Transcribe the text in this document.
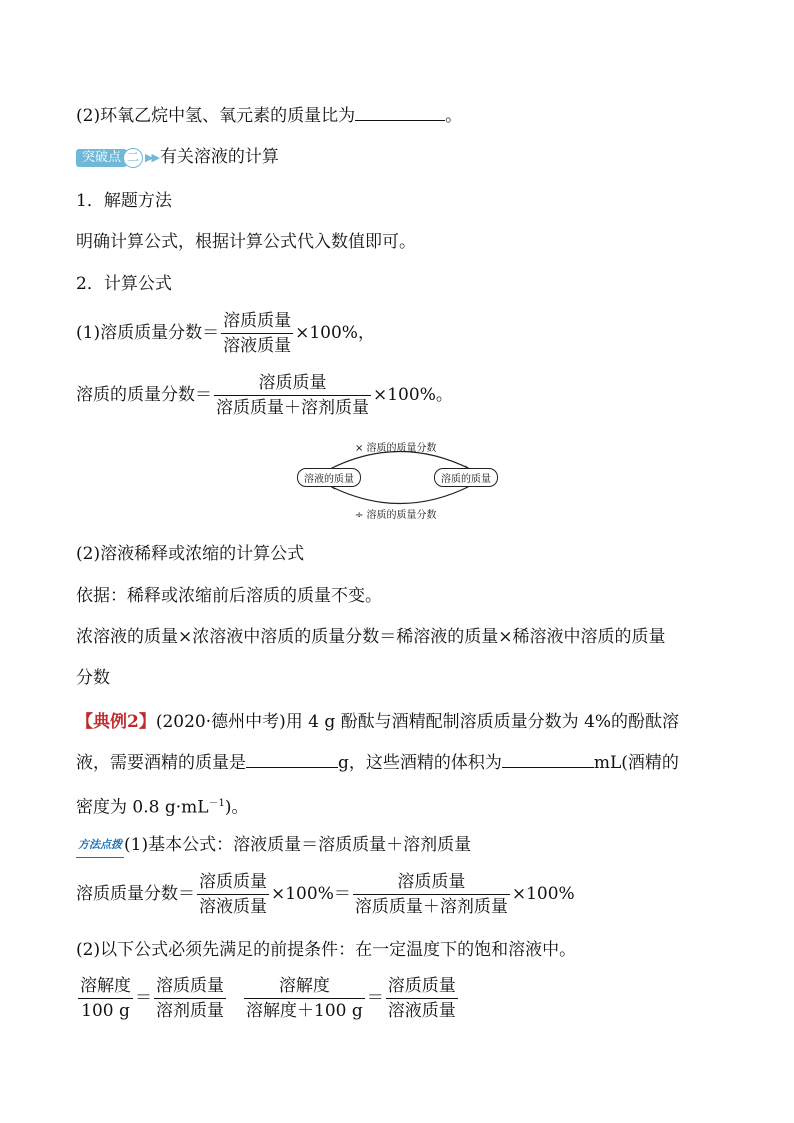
(2)环氧乙烷中氢、氧元素的质量比为	。
突破点 二 ▶▶ 有关溶液的计算
1．解题方法
明确计算公式，根据计算公式代入数值即可。
2．计算公式
(1)溶质质量分数＝ $\frac{\text{溶质质量}}{\text{溶液质量}} \times 100\%$，
溶质的质量分数＝ $\frac{\text{溶质质量}}{\text{溶质质量＋溶剂质量}} \times 100\%$。
× 溶质的质量分数
溶液的质量	溶质的质量
÷ 溶质的质量分数
(2)溶液稀释或浓缩的计算公式
依据：稀释或浓缩前后溶质的质量不变。
浓溶液的质量×浓溶液中溶质的质量分数＝稀溶液的质量×稀溶液中溶质的质量
分数
【典例2】(2020·德州中考)用 4 g 酚酞与酒精配制溶质质量分数为 4%的酚酞溶
液，需要酒精的质量是	g，这些酒精的体积为	mL(酒精的
密度为 0.8 $g\cdot mL^{-1}$)。
方法点拨 (1)基本公式：溶液质量＝溶质质量＋溶剂质量
溶质质量分数＝ $\frac{\text{溶质质量}}{\text{溶液质量}} \times 100\%= \frac{\text{溶质质量}}{\text{溶质质量＋溶剂质量}} \times 100\%$
(2)以下公式必须先满足的前提条件：在一定温度下的饱和溶液中。
$\frac{\text{溶解度}}{100 g} = \frac{\text{溶质质量}}{\text{溶剂质量}} \frac{\text{溶解度}}{\text{溶解度＋100 g}} = \frac{\text{溶质质量}}{\text{溶液质量}}$
